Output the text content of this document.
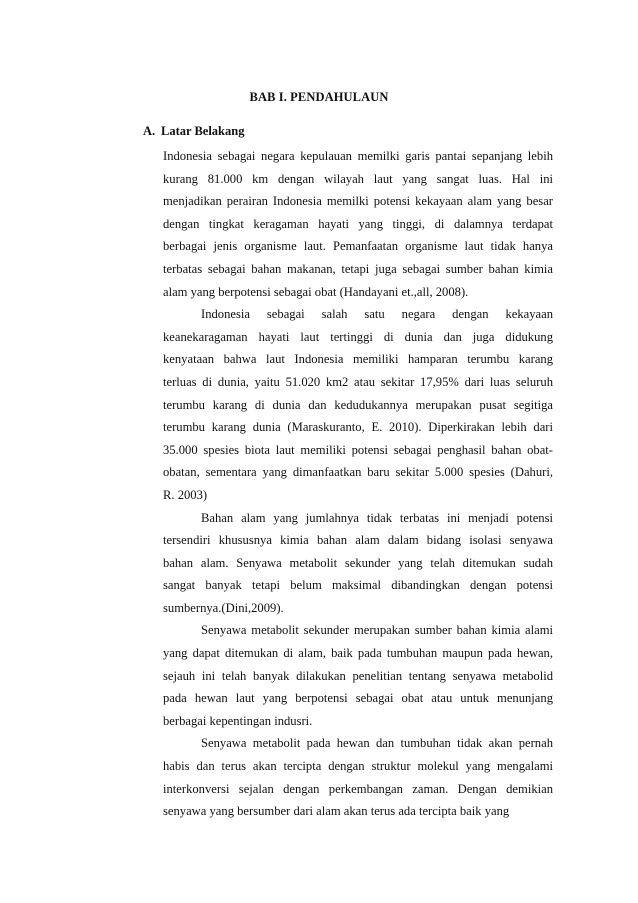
BAB I. PENDAHULAUN
A. Latar Belakang

Indonesia sebagai negara kepulauan memilki garis pantai sepanjang lebih
kurang 81.000 km dengan wilayah laut yang sangat luas. Hal ini
menjadikan perairan Indonesia memilki potensi kekayaan alam yang besar
dengan tingkat keragaman hayati yang tinggi, di dalamnya terdapat
berbagai jenis organisme laut. Pemanfaatan organisme laut tidak hanya
terbatas sebagai bahan makanan, tetapi juga sebagai sumber bahan kimia
alam yang berpotensi sebagai obat (Handayani et.,all, 2008).

Indonesia sebagai salah satu negara dengan kekayaan
keanekaragaman hayati laut tertinggi di dunia dan juga didukung
kenyataan bahwa laut Indonesia memiliki hamparan terumbu karang
terluas di dunia, yaitu 51.020 km2 atau sekitar 17,95% dari luas seluruh
terumbu karang di dunia dan kedudukannya merupakan pusat segitiga
terumbu karang dunia (Maraskuranto, E. 2010). Diperkirakan lebih dari
35.000 spesies biota laut memiliki potensi sebagai penghasil bahan obat-
obatan, sementara yang dimanfaatkan baru sekitar 5.000 spesies (Dahuri,
R. 2003)

Bahan alam yang jumlahnya tidak terbatas ini menjadi potensi
tersendiri khususnya kimia bahan alam dalam bidang isolasi senyawa
bahan alam. Senyawa metabolit sekunder yang telah ditemukan sudah
sangat banyak tetapi belum maksimal dibandingkan dengan potensi
sumbernya.(Dini,2009).

Senyawa metabolit sekunder merupakan sumber bahan kimia alami
yang dapat ditemukan di alam, baik pada tumbuhan maupun pada hewan,
sejauh ini telah banyak dilakukan penelitian tentang senyawa metabolid
pada hewan laut yang berpotensi sebagai obat atau untuk menunjang
berbagai kepentingan indusri.

Senyawa metabolit pada hewan dan tumbuhan tidak akan pernah
habis dan terus akan tercipta dengan struktur molekul yang mengalami
interkonversi sejalan dengan perkembangan zaman. Dengan demikian
senyawa yang bersumber dari alam akan terus ada tercipta baik yang
